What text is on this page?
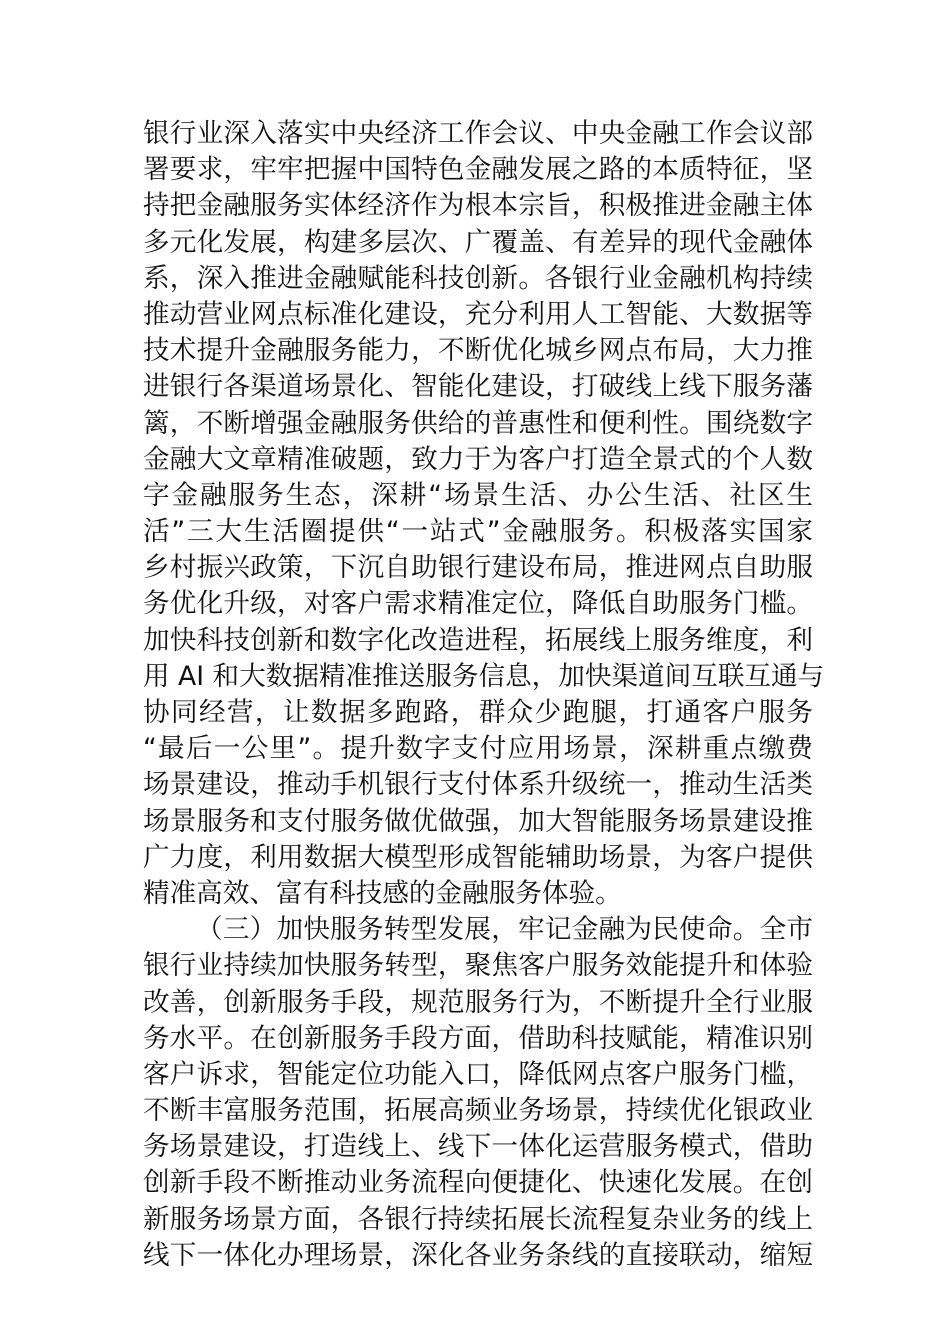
银行业深入落实中央经济工作会议、中央金融工作会议部
署要求，牢牢把握中国特色金融发展之路的本质特征，坚
持把金融服务实体经济作为根本宗旨，积极推进金融主体
多元化发展，构建多层次、广覆盖、有差异的现代金融体
系，深入推进金融赋能科技创新。各银行业金融机构持续
推动营业网点标准化建设，充分利用人工智能、大数据等
技术提升金融服务能力，不断优化城乡网点布局，大力推
进银行各渠道场景化、智能化建设，打破线上线下服务藩
篱，不断增强金融服务供给的普惠性和便利性。围绕数字
金融大文章精准破题，致力于为客户打造全景式的个人数
字金融服务生态，深耕“场景生活、办公生活、社区生
活”三大生活圈提供“一站式”金融服务。积极落实国家
乡村振兴政策，下沉自助银行建设布局，推进网点自助服
务优化升级，对客户需求精准定位，降低自助服务门槛。
加快科技创新和数字化改造进程，拓展线上服务维度，利
用 AI 和大数据精准推送服务信息，加快渠道间互联互通与
协同经营，让数据多跑路，群众少跑腿，打通客户服务
“最后一公里”。提升数字支付应用场景，深耕重点缴费
场景建设，推动手机银行支付体系升级统一，推动生活类
场景服务和支付服务做优做强，加大智能服务场景建设推
广力度，利用数据大模型形成智能辅助场景，为客户提供
精准高效、富有科技感的金融服务体验。
（三）加快服务转型发展，牢记金融为民使命。全市
银行业持续加快服务转型，聚焦客户服务效能提升和体验
改善，创新服务手段，规范服务行为，不断提升全行业服
务水平。在创新服务手段方面，借助科技赋能，精准识别
客户诉求，智能定位功能入口，降低网点客户服务门槛，
不断丰富服务范围，拓展高频业务场景，持续优化银政业
务场景建设，打造线上、线下一体化运营服务模式，借助
创新手段不断推动业务流程向便捷化、快速化发展。在创
新服务场景方面，各银行持续拓展长流程复杂业务的线上
线下一体化办理场景，深化各业务条线的直接联动，缩短
